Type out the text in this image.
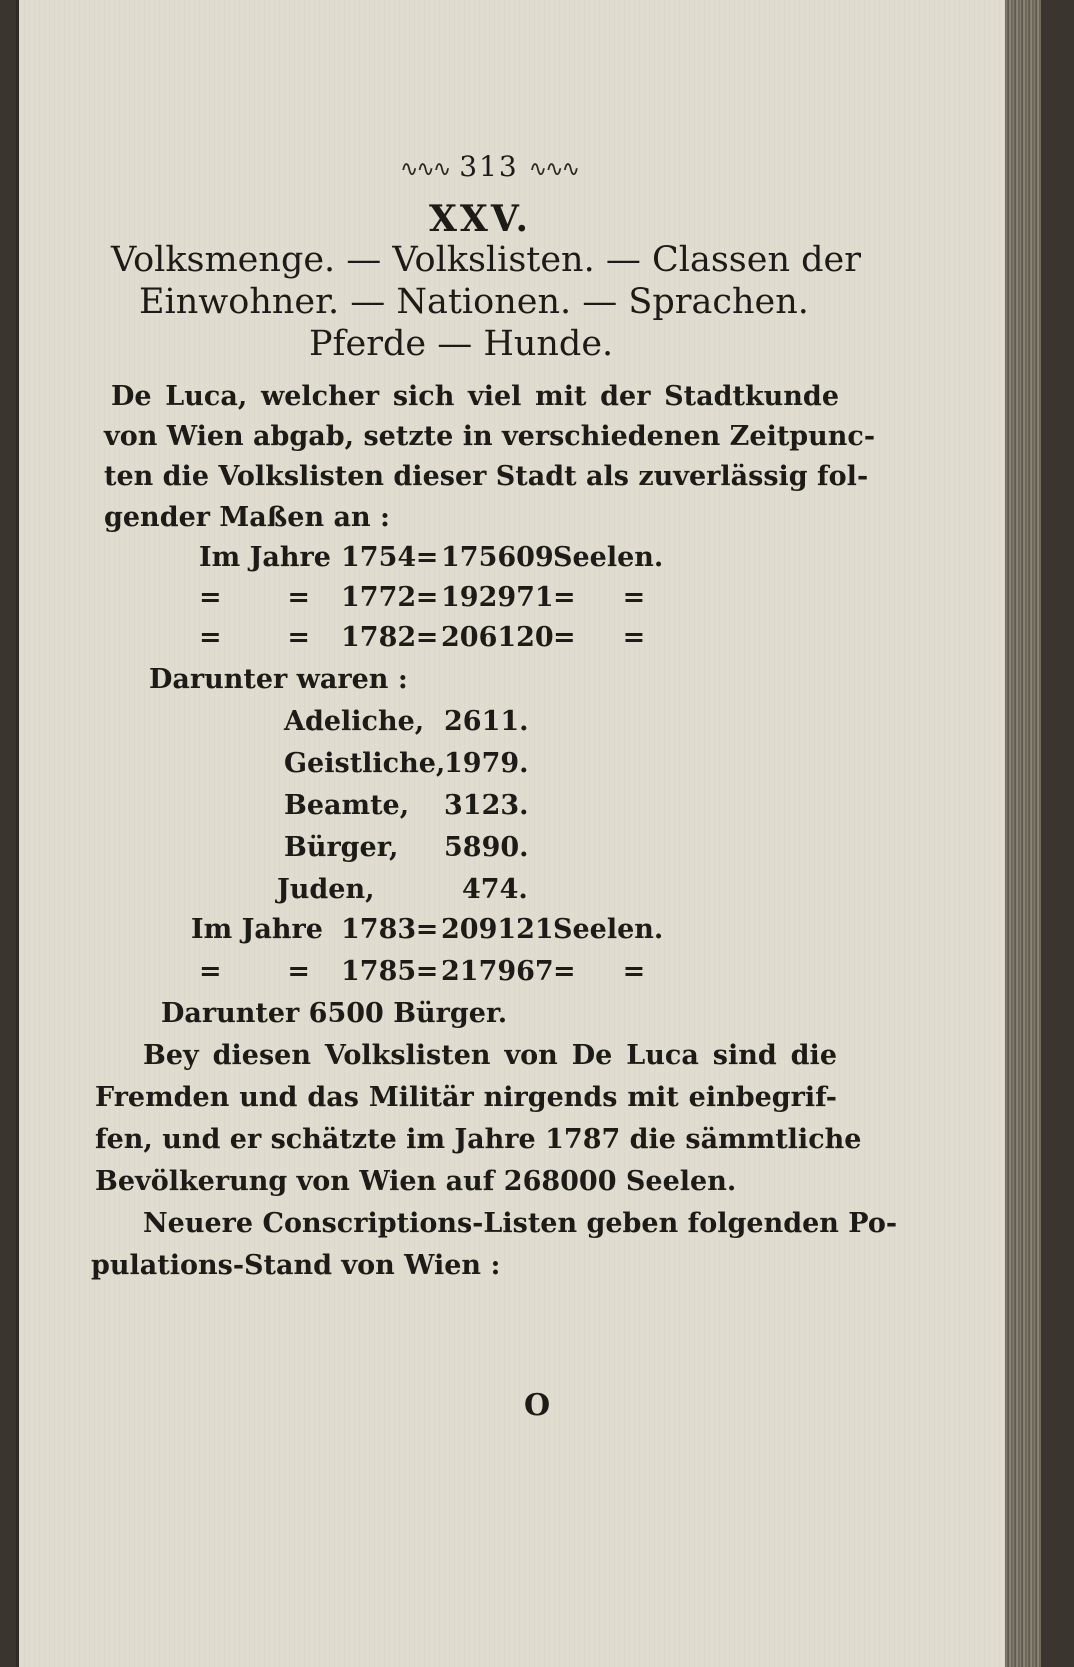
∿∿∿ 313 ∿∿∿
XXV.
Volksmenge. — Volkslisten. — Classen der
Einwohner. — Nationen. — Sprachen.
Pferde — Hunde.
De Luca, welcher sich viel mit der Stadtkunde
von Wien abgab, setzte in verschiedenen Zeitpunc-
ten die Volkslisten dieser Stadt als zuverlässig fol-
gender Maßen an :
Im Jahre 1754=175609Seelen.
=       = 1772=192971=     =
=       = 1782=206120=     =
Darunter waren :
Adeliche, 2611.
Geistliche,1979.
Beamte, 3123.
Bürger, 5890.
Juden,	474.
Im Jahre 1783=209121Seelen.
=       = 1785=217967=     =
Darunter 6500 Bürger.
Bey diesen Volkslisten von De Luca sind die
Fremden und das Militär nirgends mit einbegrif-
fen, und er schätzte im Jahre 1787 die sämmtliche
Bevölkerung von Wien auf 268000 Seelen.
Neuere Conscriptions-Listen geben folgenden Po-
pulations-Stand von Wien :
O
